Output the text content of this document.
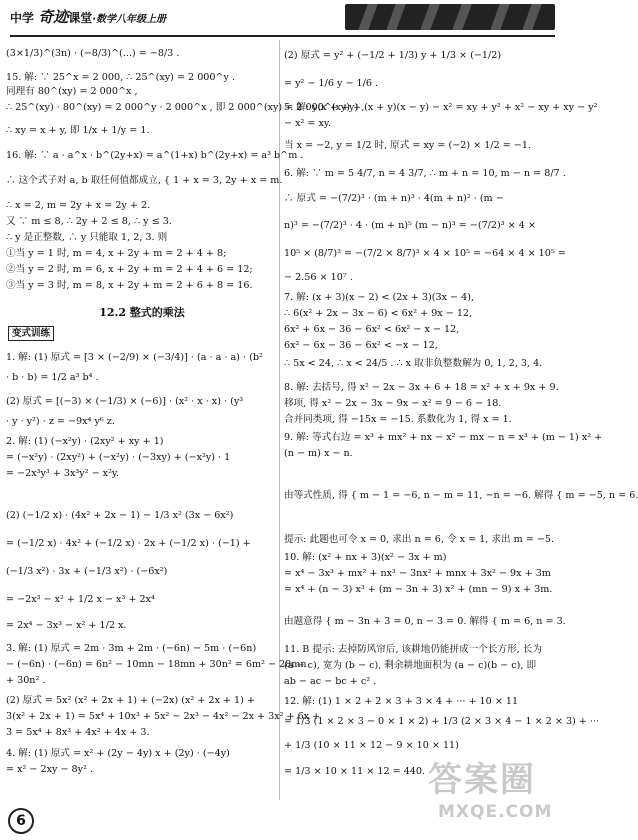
中学 奇迹课堂·数学八年级上册
(3×1/3)^(3n) · (−8/3)^(...) = −8/3 .
15. 解: ∵ 25^x = 2 000, ∴ 25^(xy) = 2 000^y .
同理有 80^(xy) = 2 000^x ,
∴ 25^(xy) · 80^(xy) = 2 000^y · 2 000^x , 即 2 000^(xy) = 2 000^(x+y) ,
∴ xy = x + y, 即 1/x + 1/y = 1.
16. 解: ∵ a · a^x · b^(2y+x) = a^(1+x) b^(2y+x) = a³ b^m .
∴ 这个式子对 a, b 取任何值都成立, { 1 + x = 3, 2y + x = m.
∴ x = 2, m = 2y + x = 2y + 2.
又 ∵ m ≤ 8, ∴ 2y + 2 ≤ 8, ∴ y ≤ 3.
∴ y 是正整数, ∴ y 只能取 1, 2, 3. 则
①当 y = 1 时, m = 4, x + 2y + m = 2 + 4 + 8;
②当 y = 2 时, m = 6, x + 2y + m = 2 + 4 + 6 = 12;
③当 y = 3 时, m = 8, x + 2y + m = 2 + 6 + 8 = 16.
12.2 整式的乘法
变式训练
1. 解: (1) 原式 = [3 × (−2/9) × (−3/4)] · (a · a · a) · (b²
· b · b) = 1/2 a³ b⁴ .
(2) 原式 = [(−3) × (−1/3) × (−6)] · (x² · x · x) · (y³
· y · y²) · z = −9x⁴ y⁶ z.
2. 解: (1) (−x²y) · (2xy² + xy + 1)
= (−x²y) · (2xy²) + (−x²y) · (−3xy) + (−x²y) · 1
= −2x³y³ + 3x³y² − x²y.
(2) (−1/2 x) · (4x² + 2x − 1) − 1/3 x² (3x − 6x²)
= (−1/2 x) · 4x² + (−1/2 x) · 2x + (−1/2 x) · (−1) +
(−1/3 x²) · 3x + (−1/3 x²) · (−6x²)
= −2x³ − x² + 1/2 x − x³ + 2x⁴
= 2x⁴ − 3x³ − x² + 1/2 x.
3. 解: (1) 原式 = 2m · 3m + 2m · (−6n) − 5m · (−6n)
− (−6n) · (−6n) = 6n² − 10mn − 18mn + 30n² = 6m² − 28mn
+ 30n² .
(2) 原式 = 5x² (x² + 2x + 1) + (−2x) (x² + 2x + 1) +
3(x² + 2x + 1) = 5x⁴ + 10x³ + 5x² − 2x³ − 4x² − 2x + 3x² + 6x +
3 = 5x⁴ + 8x³ + 4x² + 4x + 3.
4. 解: (1) 原式 = x² + (2y − 4y) x + (2y) · (−4y)
= x² − 2xy − 8y² .
(2) 原式 = y² + (−1/2 + 1/3) y + 1/3 × (−1/2)
= y² − 1/6 y − 1/6 .
5. 解: y(x + y) + (x + y)(x − y) − x² = xy + y² + x² − xy + xy − y²
− x² = xy.
当 x = −2, y = 1/2 时, 原式 = xy = (−2) × 1/2 = −1.
6. 解: ∵ m = 5 4/7, n = 4 3/7, ∴ m + n = 10, m − n = 8/7 .
∴ 原式 = −(7/2)³ · (m + n)³ · 4(m + n)² · (m −
n)³ = −(7/2)³ · 4 · (m + n)⁵ (m − n)³ = −(7/2)³ × 4 ×
10⁵ × (8/7)³ = −(7/2 × 8/7)³ × 4 × 10⁵ = −64 × 4 × 10⁵ =
− 2.56 × 10⁷ .
7. 解: (x + 3)(x − 2) < (2x + 3)(3x − 4),
∴ 6(x² + 2x − 3x − 6) < 6x² + 9x − 12,
6x² + 6x − 36 − 6x² < 6x² − x − 12,
6x² − 6x − 36 − 6x² < −x − 12,
∴ 5x < 24, ∴ x < 24/5 . ∴ x 取非负整数解为 0, 1, 2, 3, 4.
8. 解: 去括号, 得 x² − 2x − 3x + 6 + 18 = x² + x + 9x + 9.
移项, 得 x² − 2x − 3x − 9x − x² = 9 − 6 − 18.
合并同类项, 得 −15x = −15. 系数化为 1, 得 x = 1.
9. 解: 等式右边 = x³ + mx² + nx − x² − mx − n = x³ + (m − 1) x² +
(n − m) x − n.
由等式性质, 得 { m − 1 = −6, n − m = 11, −n = −6. 解得 { m = −5, n = 6.
提示: 此题也可令 x = 0, 求出 n = 6, 令 x = 1, 求出 m = −5.
10. 解: (x² + nx + 3)(x² − 3x + m)
= x⁴ − 3x³ + mx² + nx³ − 3nx² + mnx + 3x² − 9x + 3m
= x⁴ + (n − 3) x³ + (m − 3n + 3) x² + (mn − 9) x + 3m.
由题意得 { m − 3n + 3 = 0, n − 3 = 0. 解得 { m = 6, n = 3.
11. B 提示: 去掉防风帘后, 该耕地仍能拼成一个长方形, 长为
(a − c), 宽为 (b − c), 剩余耕地面积为 (a − c)(b − c), 即
ab − ac − bc + c² .
12. 解: (1) 1 × 2 + 2 × 3 + 3 × 4 + ··· + 10 × 11
= 1/3 (1 × 2 × 3 − 0 × 1 × 2) + 1/3 (2 × 3 × 4 − 1 × 2 × 3) + ···
+ 1/3 (10 × 11 × 12 − 9 × 10 × 11)
= 1/3 × 10 × 11 × 12 = 440.
6
答案圈
MXQE.COM
